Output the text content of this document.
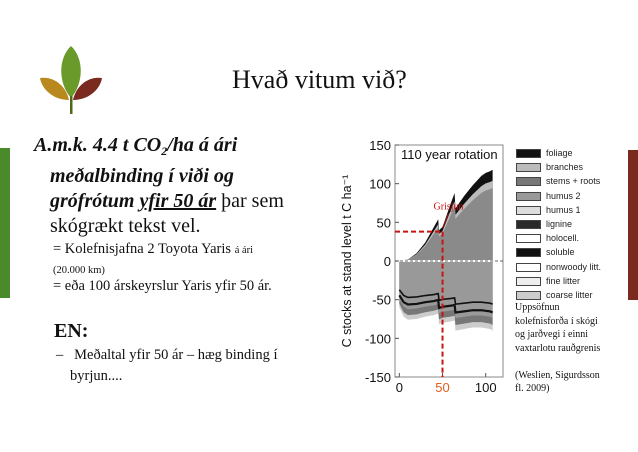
Hvað vitum við?
A.m.k. 4.4 t $CO_2/ha$ á ári
meðalbinding í viði og
grófrótum yfir 50 ár þar sem
skógrækt tekst vel.
= Kolefnisjafna 2 Toyota Yaris á ári
(20.000 km)
= eða 100 árskeyrslur Yaris yfir 50 ár.
EN:
– Meðaltal yfir 50 ár – hæg binding í
byrjun....	-150
-100
-50
0
50
100
150
0 50 100
110 year rotation
C stocks at stand level t C ha⁻¹	Grisjun
foliage
branches
stems + roots
humus 2
humus 1
lignine
holocell.
soluble
nonwoody litt.
fine litter
coarse litter
Uppsöfnun
kolefnisforða í skógi
og jarðvegi í einni
vaxtarlotu rauðgrenis

(Weslien, Sigurdsson
fl. 2009)
